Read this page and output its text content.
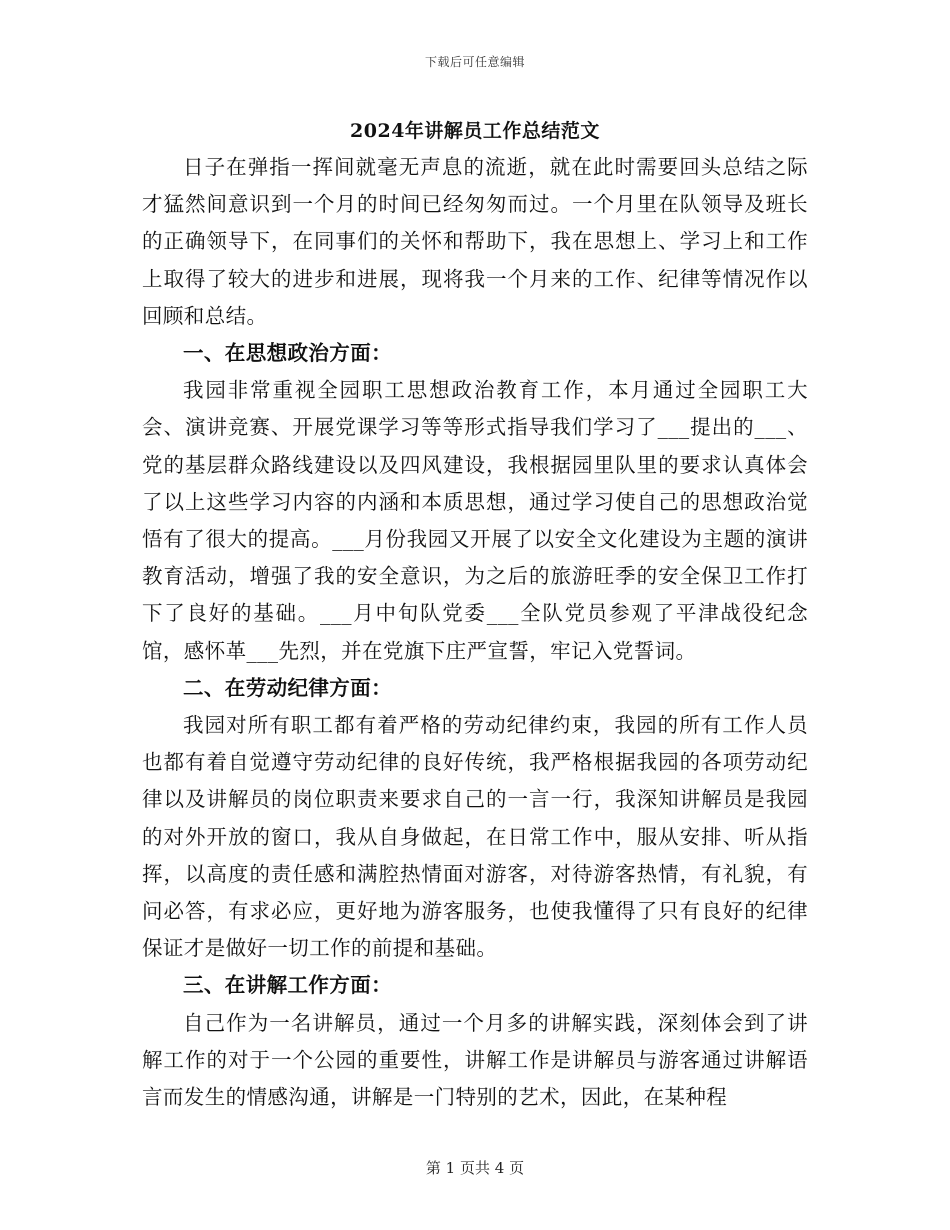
下载后可任意编辑
2024年讲解员工作总结范文

日子在弹指一挥间就毫无声息的流逝，就在此时需要回头总结之际才猛然间意识到一个月的时间已经匆匆而过。一个月里在队领导及班长的正确领导下，在同事们的关怀和帮助下，我在思想上、学习上和工作上取得了较大的进步和进展，现将我一个月来的工作、纪律等情况作以回顾和总结。

一、在思想政治方面：

我园非常重视全园职工思想政治教育工作，本月通过全园职工大会、演讲竞赛、开展党课学习等等形式指导我们学习了___提出的___、党的基层群众路线建设以及四风建设，我根据园里队里的要求认真体会了以上这些学习内容的内涵和本质思想，通过学习使自己的思想政治觉悟有了很大的提高。___月份我园又开展了以安全文化建设为主题的演讲教育活动，增强了我的安全意识，为之后的旅游旺季的安全保卫工作打下了良好的基础。___月中旬队党委___全队党员参观了平津战役纪念馆，感怀革___先烈，并在党旗下庄严宣誓，牢记入党誓词。

二、在劳动纪律方面：

我园对所有职工都有着严格的劳动纪律约束，我园的所有工作人员也都有着自觉遵守劳动纪律的良好传统，我严格根据我园的各项劳动纪律以及讲解员的岗位职责来要求自己的一言一行，我深知讲解员是我园的对外开放的窗口，我从自身做起，在日常工作中，服从安排、听从指挥，以高度的责任感和满腔热情面对游客，对待游客热情，有礼貌，有问必答，有求必应，更好地为游客服务，也使我懂得了只有良好的纪律保证才是做好一切工作的前提和基础。

三、在讲解工作方面：

自己作为一名讲解员，通过一个月多的讲解实践，深刻体会到了讲解工作的对于一个公园的重要性，讲解工作是讲解员与游客通过讲解语言而发生的情感沟通，讲解是一门特别的艺术，因此，在某种程

第 1 页共 4 页
